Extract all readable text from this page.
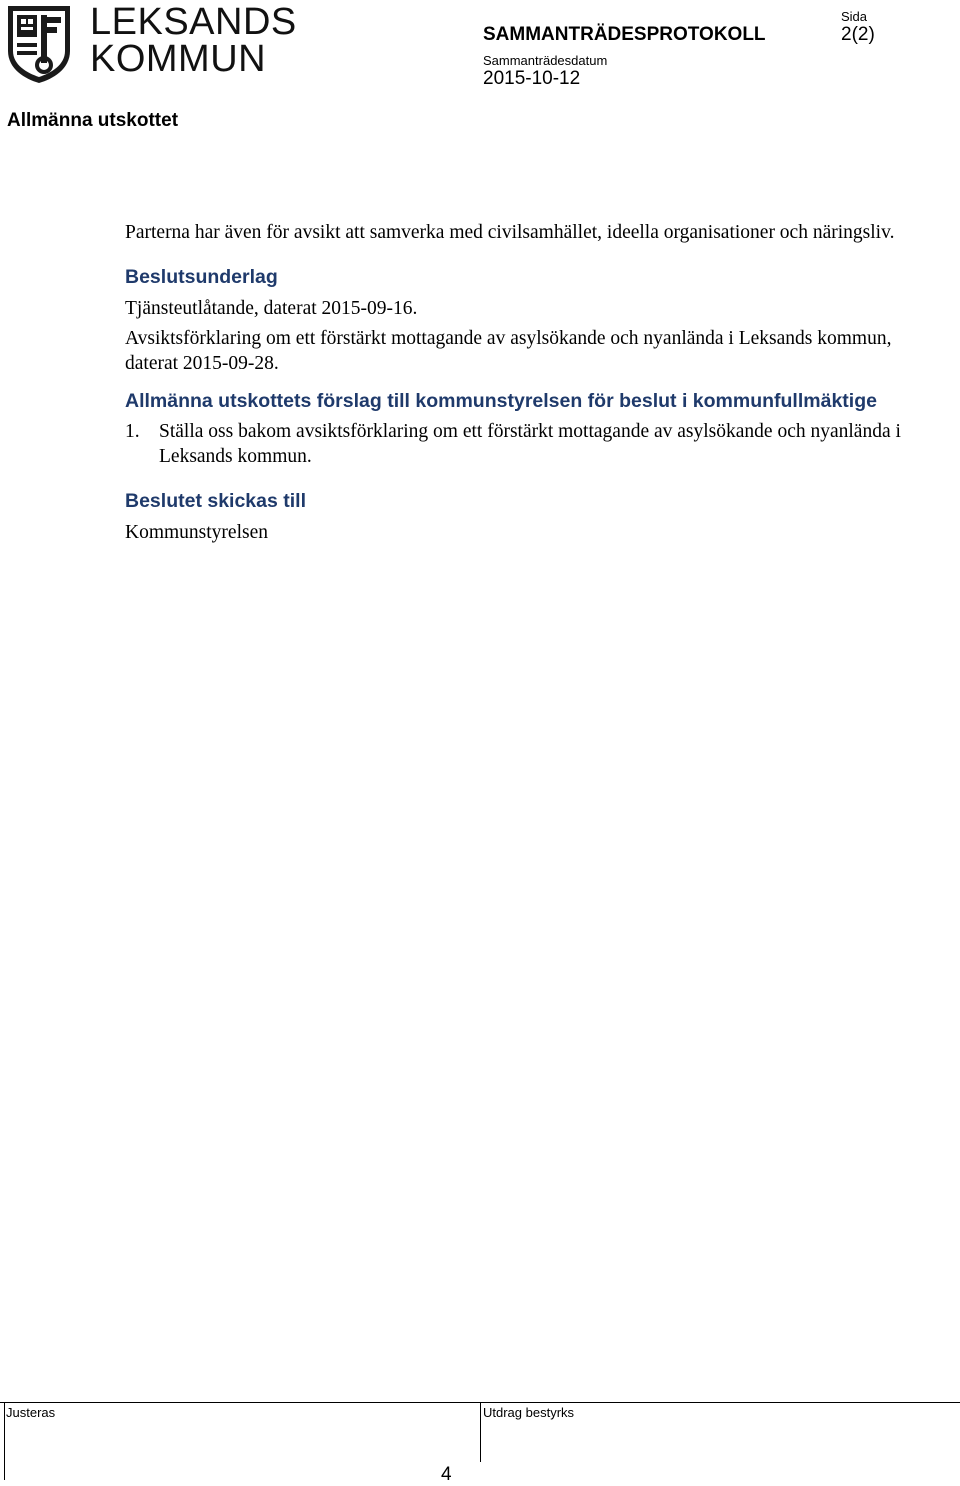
LEKSANDS
KOMMUN
SAMMANTRÄDESPROTOKOLL
Sida
2(2)
Sammanträdesdatum
2015-10-12
Allmänna utskottet

Parterna har även för avsikt att samverka med civilsamhället, ideella organisationer och näringsliv.

Beslutsunderlag

Tjänsteutlåtande, daterat 2015-09-16.

Avsiktsförklaring om ett förstärkt mottagande av asylsökande och nyanlända i Leksands kommun, daterat 2015-09-28.

Allmänna utskottets förslag till kommunstyrelsen för beslut i kommunfullmäktige
1. Ställa oss bakom avsiktsförklaring om ett förstärkt mottagande av asylsökande och nyanlända i Leksands kommun.
Beslutet skickas till

Kommunstyrelsen

Justeras	Utdrag bestyrks
4
